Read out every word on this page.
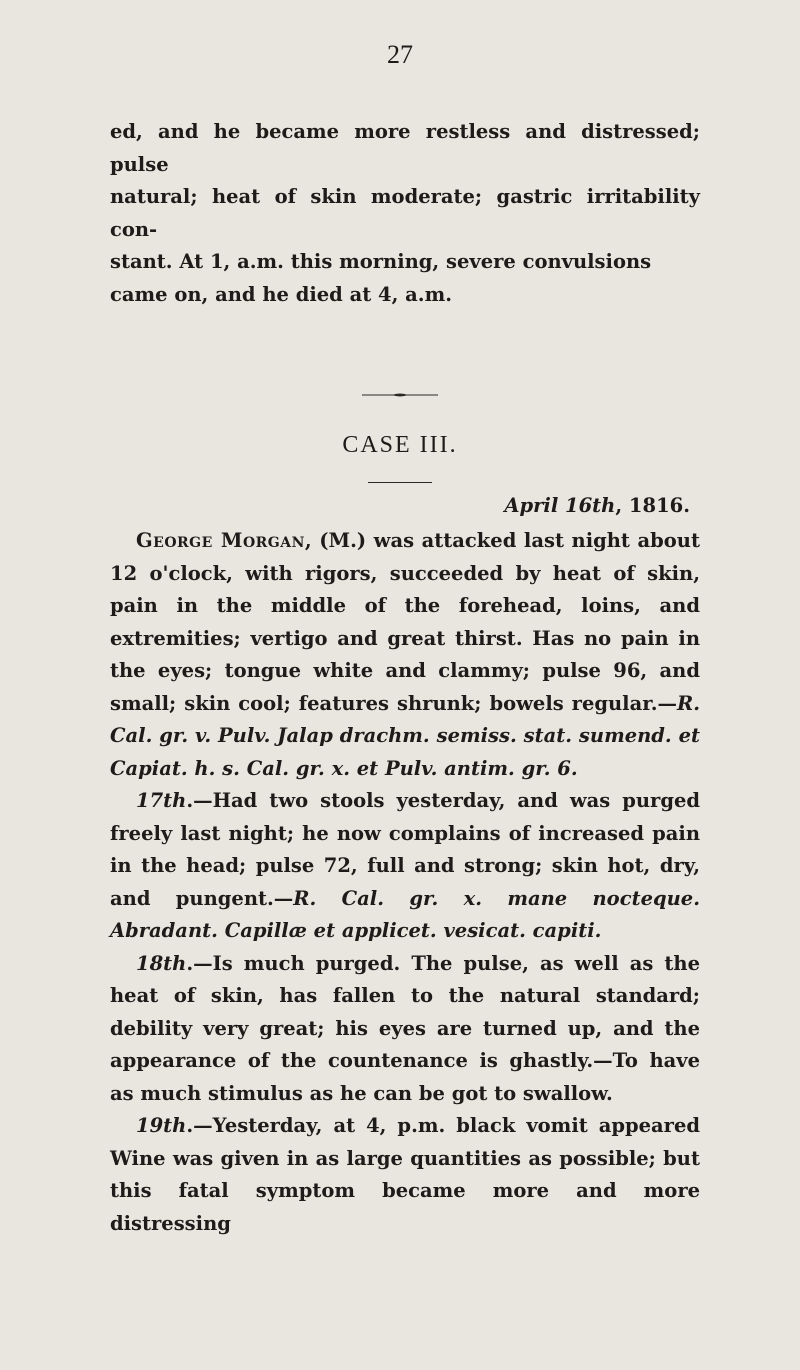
27

ed, and he became more restless and distressed; pulse

natural; heat of skin moderate; gastric irritability con-

stant. At 1, a.m. this morning, severe convulsions

came on, and he died at 4, a.m.

CASE III.
April 16th, 1816.

George Morgan, (M.) was attacked last night about 12 o'clock, with rigors, succeeded by heat of skin, pain in the middle of the forehead, loins, and extremities; vertigo and great thirst. Has no pain in the eyes; tongue white and clammy; pulse 96, and small; skin cool; features shrunk; bowels regular.—R. Cal. gr. v. Pulv. Jalap drachm. semiss. stat. sumend. et Capiat. h. s. Cal. gr. x. et Pulv. antim. gr. 6.

17th.—Had two stools yesterday, and was purged freely last night; he now complains of increased pain in the head; pulse 72, full and strong; skin hot, dry, and pungent.—R. Cal. gr. x. mane nocteque. Abradant. Capillæ et applicet. vesicat. capiti.

18th.—Is much purged. The pulse, as well as the heat of skin, has fallen to the natural standard; debility very great; his eyes are turned up, and the appearance of the countenance is ghastly.—To have as much stimulus as he can be got to swallow.

19th.—Yesterday, at 4, p.m. black vomit appeared Wine was given in as large quantities as possible; but this fatal symptom became more and more distressing
